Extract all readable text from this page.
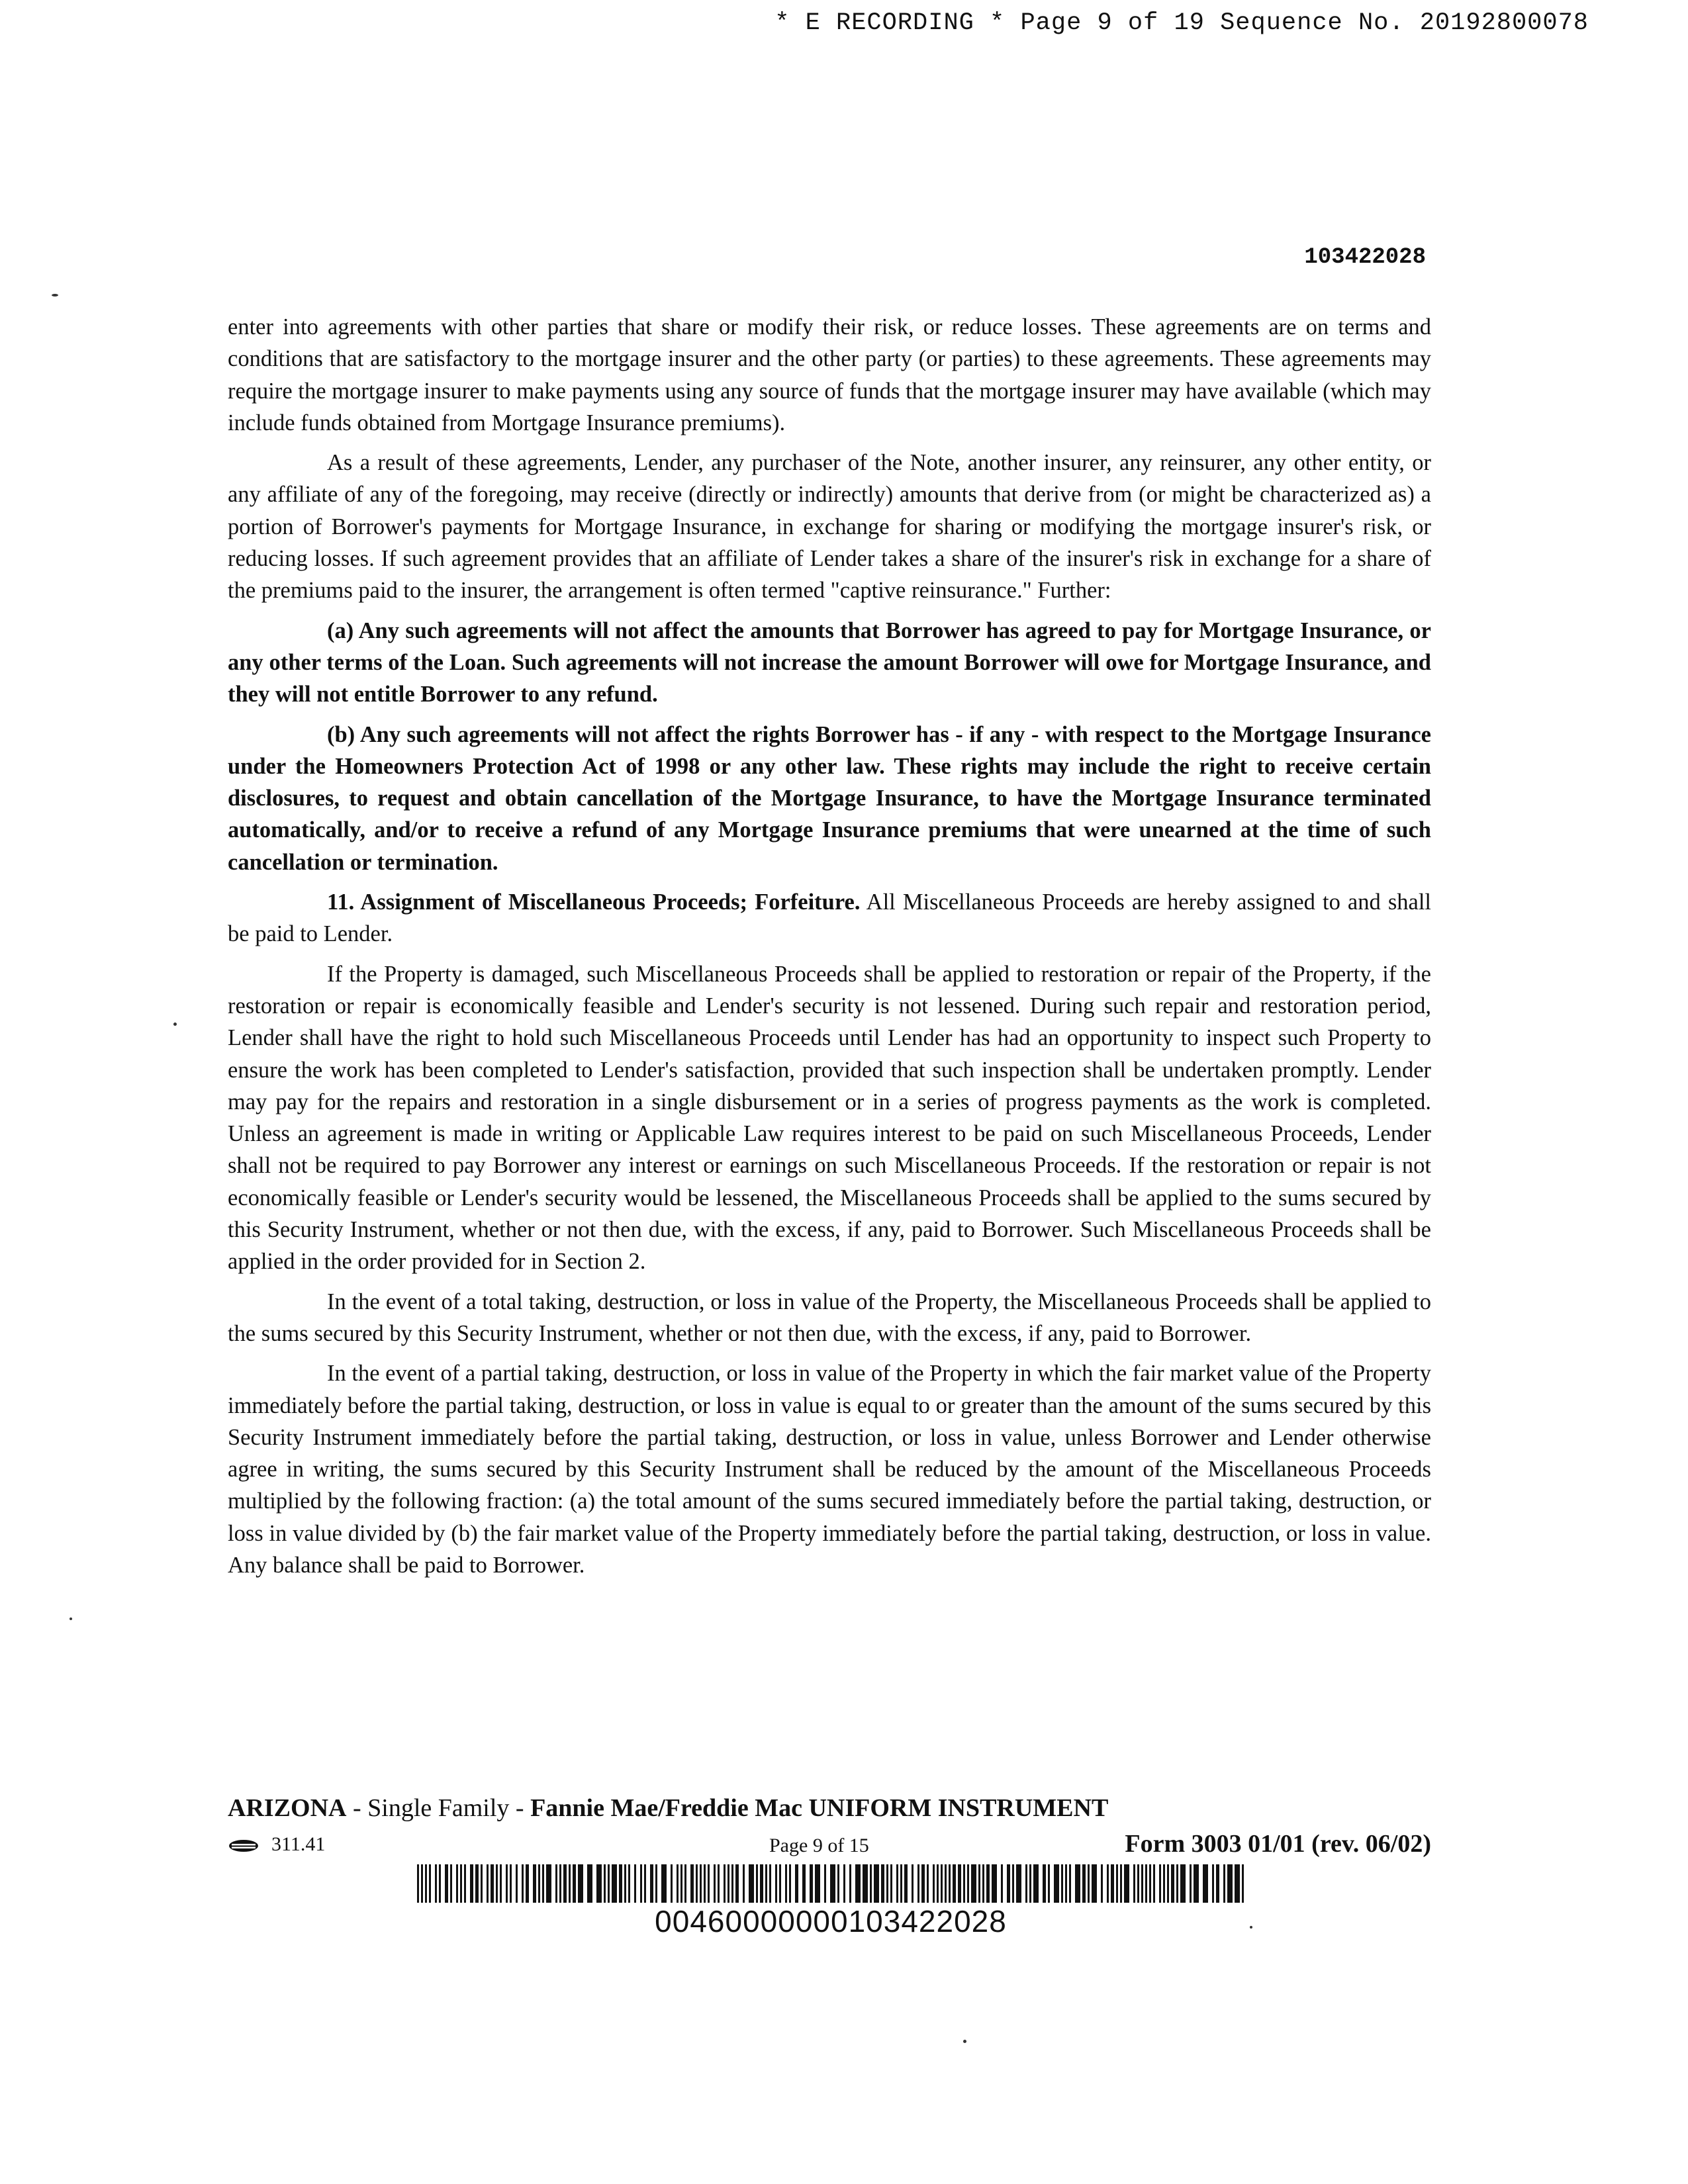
* E RECORDING * Page 9 of 19 Sequence No. 20192800078
103422028

enter into agreements with other parties that share or modify their risk, or reduce losses. These agreements are on terms and conditions that are satisfactory to the mortgage insurer and the other party (or parties) to these agreements. These agreements may require the mortgage insurer to make payments using any source of funds that the mortgage insurer may have available (which may include funds obtained from Mortgage Insurance premiums).

As a result of these agreements, Lender, any purchaser of the Note, another insurer, any reinsurer, any other entity, or any affiliate of any of the foregoing, may receive (directly or indirectly) amounts that derive from (or might be characterized as) a portion of Borrower's payments for Mortgage Insurance, in exchange for sharing or modifying the mortgage insurer's risk, or reducing losses. If such agreement provides that an affiliate of Lender takes a share of the insurer's risk in exchange for a share of the premiums paid to the insurer, the arrangement is often termed "captive reinsurance." Further:

(a) Any such agreements will not affect the amounts that Borrower has agreed to pay for Mortgage Insurance, or any other terms of the Loan. Such agreements will not increase the amount Borrower will owe for Mortgage Insurance, and they will not entitle Borrower to any refund.

(b) Any such agreements will not affect the rights Borrower has - if any - with respect to the Mortgage Insurance under the Homeowners Protection Act of 1998 or any other law. These rights may include the right to receive certain disclosures, to request and obtain cancellation of the Mortgage Insurance, to have the Mortgage Insurance terminated automatically, and/or to receive a refund of any Mortgage Insurance premiums that were unearned at the time of such cancellation or termination.

11. Assignment of Miscellaneous Proceeds; Forfeiture. All Miscellaneous Proceeds are hereby assigned to and shall be paid to Lender.

If the Property is damaged, such Miscellaneous Proceeds shall be applied to restoration or repair of the Property, if the restoration or repair is economically feasible and Lender's security is not lessened. During such repair and restoration period, Lender shall have the right to hold such Miscellaneous Proceeds until Lender has had an opportunity to inspect such Property to ensure the work has been completed to Lender's satisfaction, provided that such inspection shall be undertaken promptly. Lender may pay for the repairs and restoration in a single disbursement or in a series of progress payments as the work is completed. Unless an agreement is made in writing or Applicable Law requires interest to be paid on such Miscellaneous Proceeds, Lender shall not be required to pay Borrower any interest or earnings on such Miscellaneous Proceeds. If the restoration or repair is not economically feasible or Lender's security would be lessened, the Miscellaneous Proceeds shall be applied to the sums secured by this Security Instrument, whether or not then due, with the excess, if any, paid to Borrower. Such Miscellaneous Proceeds shall be applied in the order provided for in Section 2.

In the event of a total taking, destruction, or loss in value of the Property, the Miscellaneous Proceeds shall be applied to the sums secured by this Security Instrument, whether or not then due, with the excess, if any, paid to Borrower.

In the event of a partial taking, destruction, or loss in value of the Property in which the fair market value of the Property immediately before the partial taking, destruction, or loss in value is equal to or greater than the amount of the sums secured by this Security Instrument immediately before the partial taking, destruction, or loss in value, unless Borrower and Lender otherwise agree in writing, the sums secured by this Security Instrument shall be reduced by the amount of the Miscellaneous Proceeds multiplied by the following fraction: (a) the total amount of the sums secured immediately before the partial taking, destruction, or loss in value divided by (b) the fair market value of the Property immediately before the partial taking, destruction, or loss in value. Any balance shall be paid to Borrower.

ARIZONA - Single Family - Fannie Mae/Freddie Mac UNIFORM INSTRUMENT
311.41	Page 9 of 15	Form 3003 01/01 (rev. 06/02)
00460000000103422028
